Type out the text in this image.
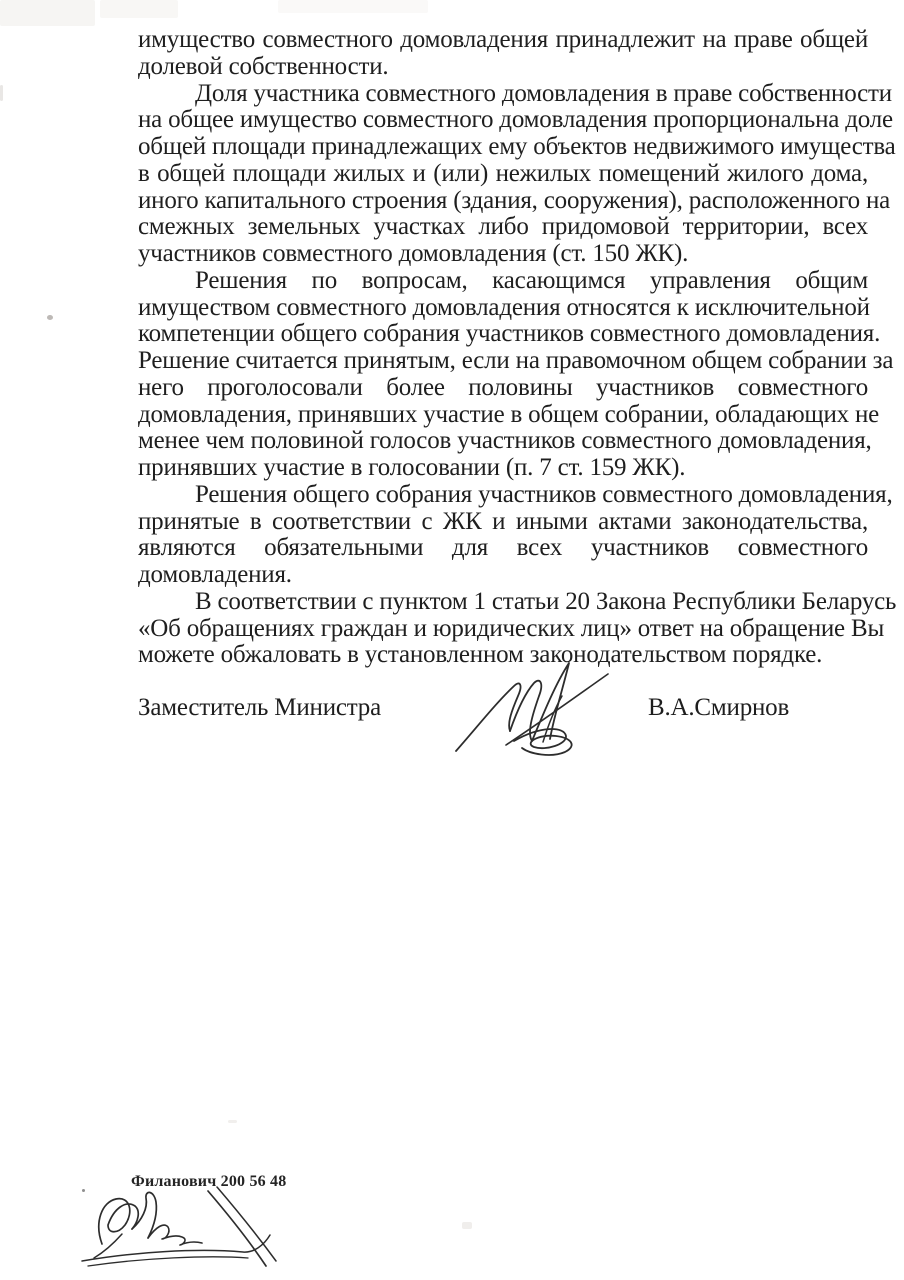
имущество совместного домовладения принадлежит на праве общей
долевой собственности.
Доля участника совместного домовладения в праве собственности
на общее имущество совместного домовладения пропорциональна доле
общей площади принадлежащих ему объектов недвижимого имущества
в общей площади жилых и (или) нежилых помещений жилого дома,
иного капитального строения (здания, сооружения), расположенного на
смежных земельных участках либо придомовой территории, всех
участников совместного домовладения (ст. 150 ЖК).
Решения по вопросам, касающимся управления общим
имуществом совместного домовладения относятся к исключительной
компетенции общего собрания участников совместного домовладения.
Решение считается принятым, если на правомочном общем собрании за
него проголосовали более половины участников совместного
домовладения, принявших участие в общем собрании, обладающих не
менее чем половиной голосов участников совместного домовладения,
принявших участие в голосовании (п. 7 ст. 159 ЖК).
Решения общего собрания участников совместного домовладения,
принятые в соответствии с ЖК и иными актами законодательства,
являются обязательными для всех участников совместного
домовладения.
В соответствии с пунктом 1 статьи 20 Закона Республики Беларусь
«Об обращениях граждан и юридических лиц» ответ на обращение Вы
можете обжаловать в установленном законодательством порядке.
Заместитель Министра	В.А.Смирнов
Филанович 200 56 48
